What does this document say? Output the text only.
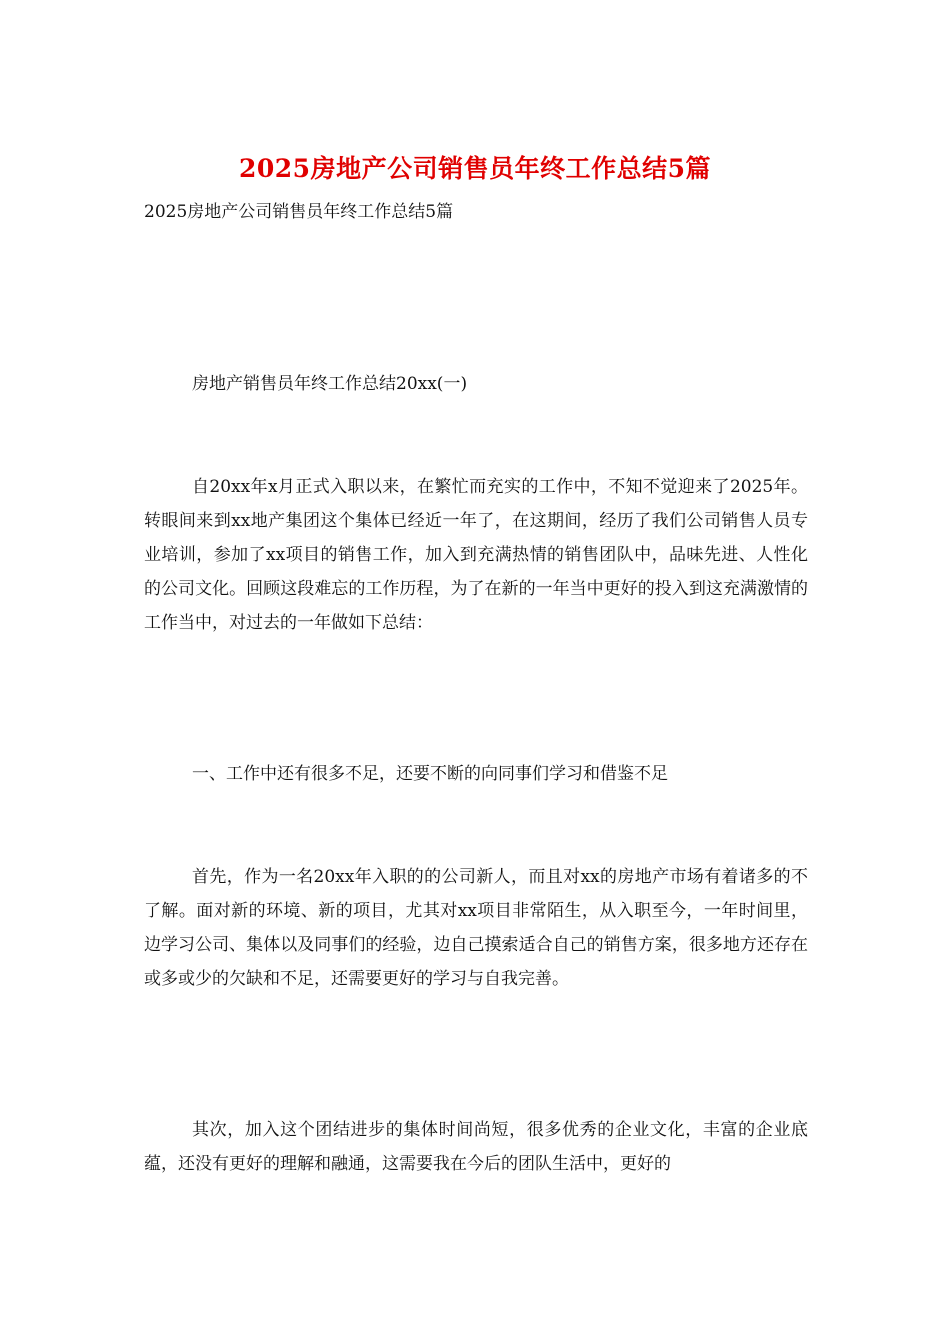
2025房地产公司销售员年终工作总结5篇
2025房地产公司销售员年终工作总结5篇
房地产销售员年终工作总结20xx(一)

自20xx年x月正式入职以来，在繁忙而充实的工作中，不知不觉迎来了2025年。转眼间来到xx地产集团这个集体已经近一年了，在这期间，经历了我们公司销售人员专业培训，参加了xx项目的销售工作，加入到充满热情的销售团队中，品味先进、人性化的公司文化。回顾这段难忘的工作历程，为了在新的一年当中更好的投入到这充满激情的工作当中，对过去的一年做如下总结：

一、工作中还有很多不足，还要不断的向同事们学习和借鉴不足

首先，作为一名20xx年入职的的公司新人，而且对xx的房地产市场有着诸多的不了解。面对新的环境、新的项目，尤其对xx项目非常陌生，从入职至今，一年时间里，边学习公司、集体以及同事们的经验，边自己摸索适合自己的销售方案，很多地方还存在或多或少的欠缺和不足，还需要更好的学习与自我完善。

其次，加入这个团结进步的集体时间尚短，很多优秀的企业文化，丰富的企业底蕴，还没有更好的理解和融通，这需要我在今后的团队生活中，更好的
